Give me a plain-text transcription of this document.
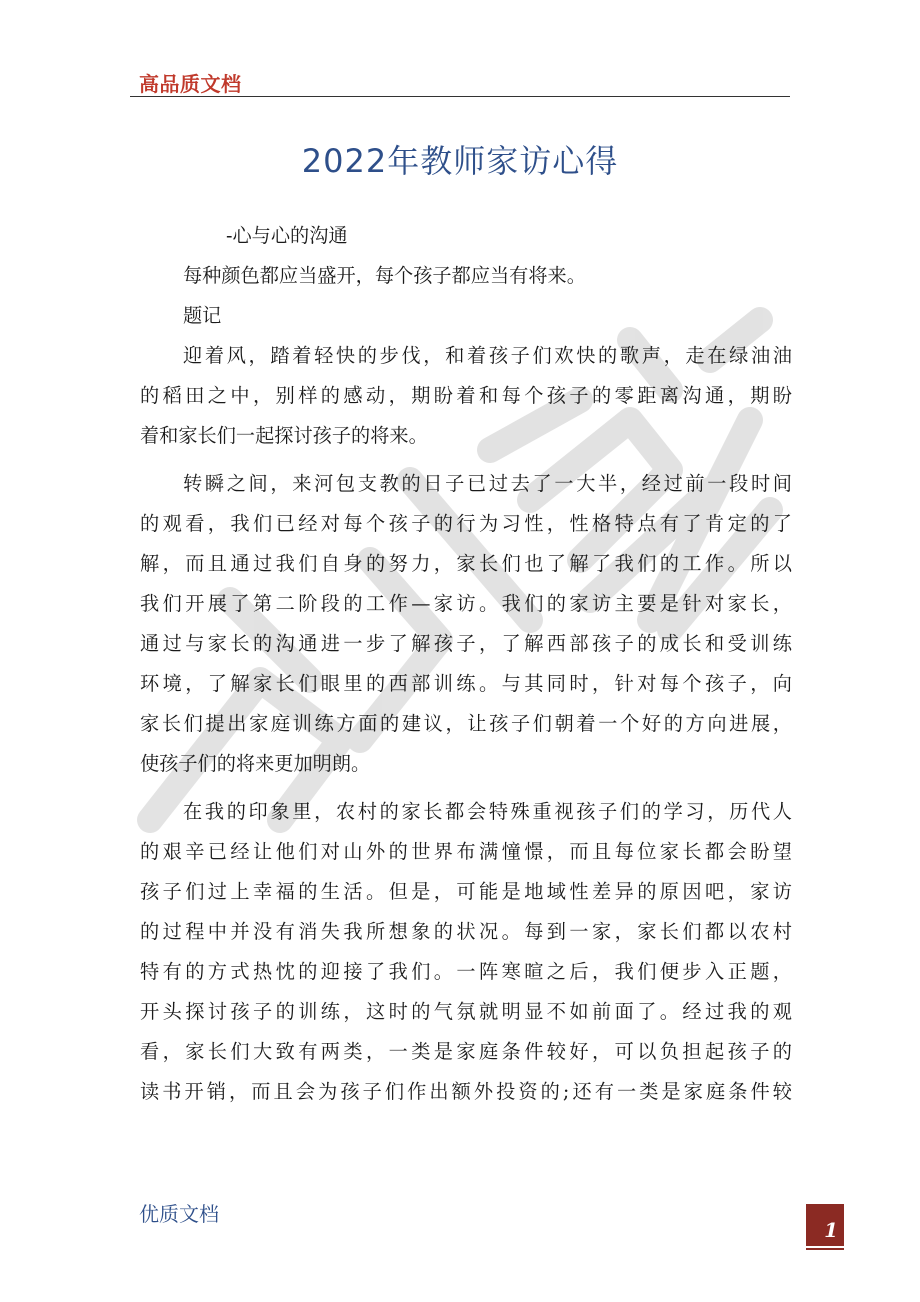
高品质文档
2022年教师家访心得
-心与心的沟通
每种颜色都应当盛开，每个孩子都应当有将来。
题记
迎着风，踏着轻快的步伐，和着孩子们欢快的歌声，走在绿油油
的稻田之中，别样的感动，期盼着和每个孩子的零距离沟通，期盼
着和家长们一起探讨孩子的将来。
转瞬之间，来河包支教的日子已过去了一大半，经过前一段时间
的观看，我们已经对每个孩子的行为习性，性格特点有了肯定的了
解，而且通过我们自身的努力，家长们也了解了我们的工作。所以
我们开展了第二阶段的工作—家访。我们的家访主要是针对家长，
通过与家长的沟通进一步了解孩子，了解西部孩子的成长和受训练
环境，了解家长们眼里的西部训练。与其同时，针对每个孩子，向
家长们提出家庭训练方面的建议，让孩子们朝着一个好的方向进展，
使孩子们的将来更加明朗。
在我的印象里，农村的家长都会特殊重视孩子们的学习，历代人
的艰辛已经让他们对山外的世界布满憧憬，而且每位家长都会盼望
孩子们过上幸福的生活。但是，可能是地域性差异的原因吧，家访
的过程中并没有消失我所想象的状况。每到一家，家长们都以农村
特有的方式热忱的迎接了我们。一阵寒暄之后，我们便步入正题，
开头探讨孩子的训练，这时的气氛就明显不如前面了。经过我的观
看，家长们大致有两类，一类是家庭条件较好，可以负担起孩子的
读书开销，而且会为孩子们作出额外投资的;还有一类是家庭条件较
优质文档
1
